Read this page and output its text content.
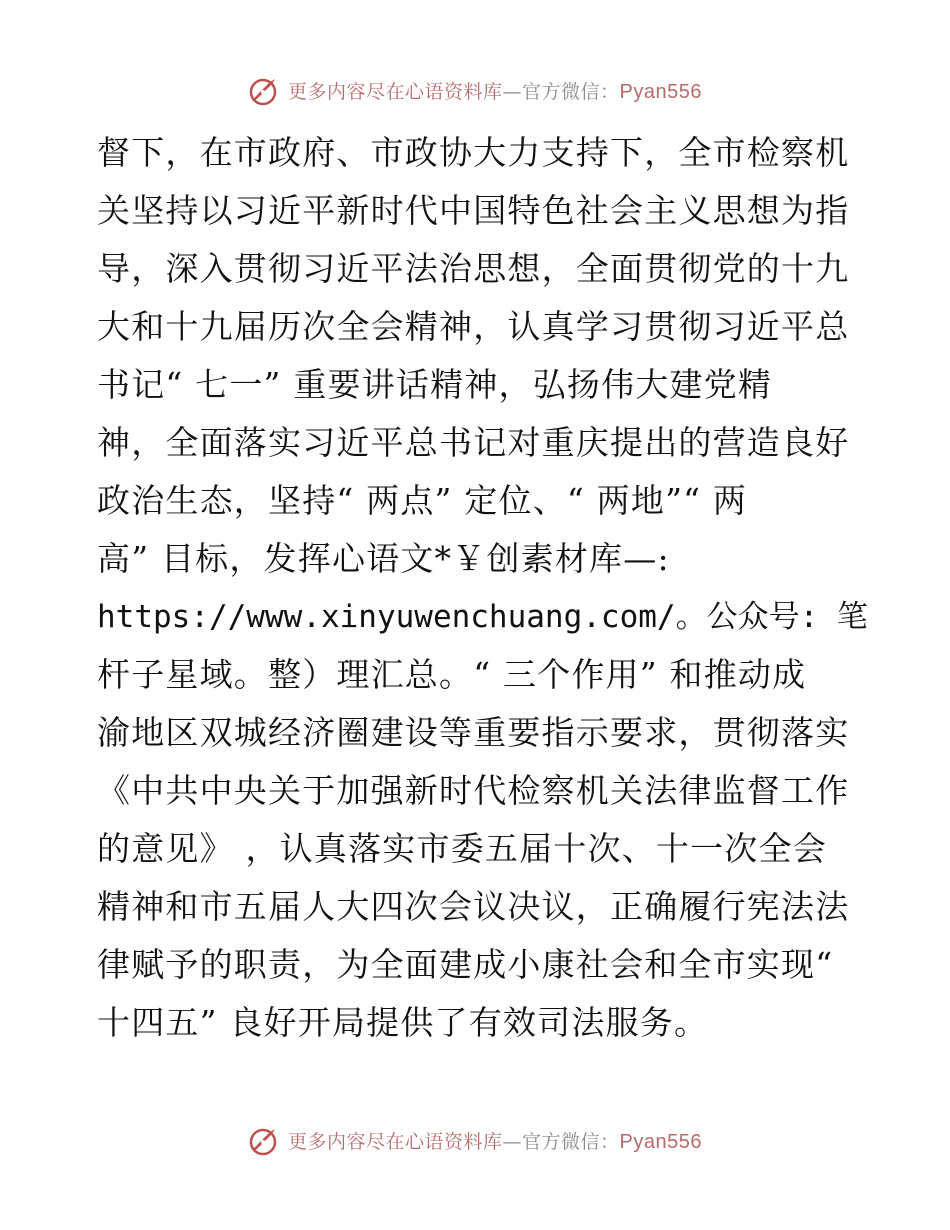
更多内容尽在心语资料库—官方微信：Pyan556
督下，在市政府、市政协大力支持下，全市检察机
关坚持以习近平新时代中国特色社会主义思想为指
导，深入贯彻习近平法治思想，全面贯彻党的十九
大和十九届历次全会精神，认真学习贯彻习近平总
书记“ 七一” 重要讲话精神，弘扬伟大建党精
神，全面落实习近平总书记对重庆提出的营造良好
政治生态，坚持“ 两点” 定位、“ 两地”“ 两
高” 目标，发挥心语文*￥创素材库—:
https://www.xinyuwenchuang.com/。公众号: 笔
杆子星域。整）理汇总。“ 三个作用” 和推动成
渝地区双城经济圈建设等重要指示要求，贯彻落实
《中共中央关于加强新时代检察机关法律监督工作
的意见》 ，认真落实市委五届十次、十一次全会
精神和市五届人大四次会议决议，正确履行宪法法
律赋予的职责，为全面建成小康社会和全市实现“
十四五” 良好开局提供了有效司法服务。
更多内容尽在心语资料库—官方微信：Pyan556
